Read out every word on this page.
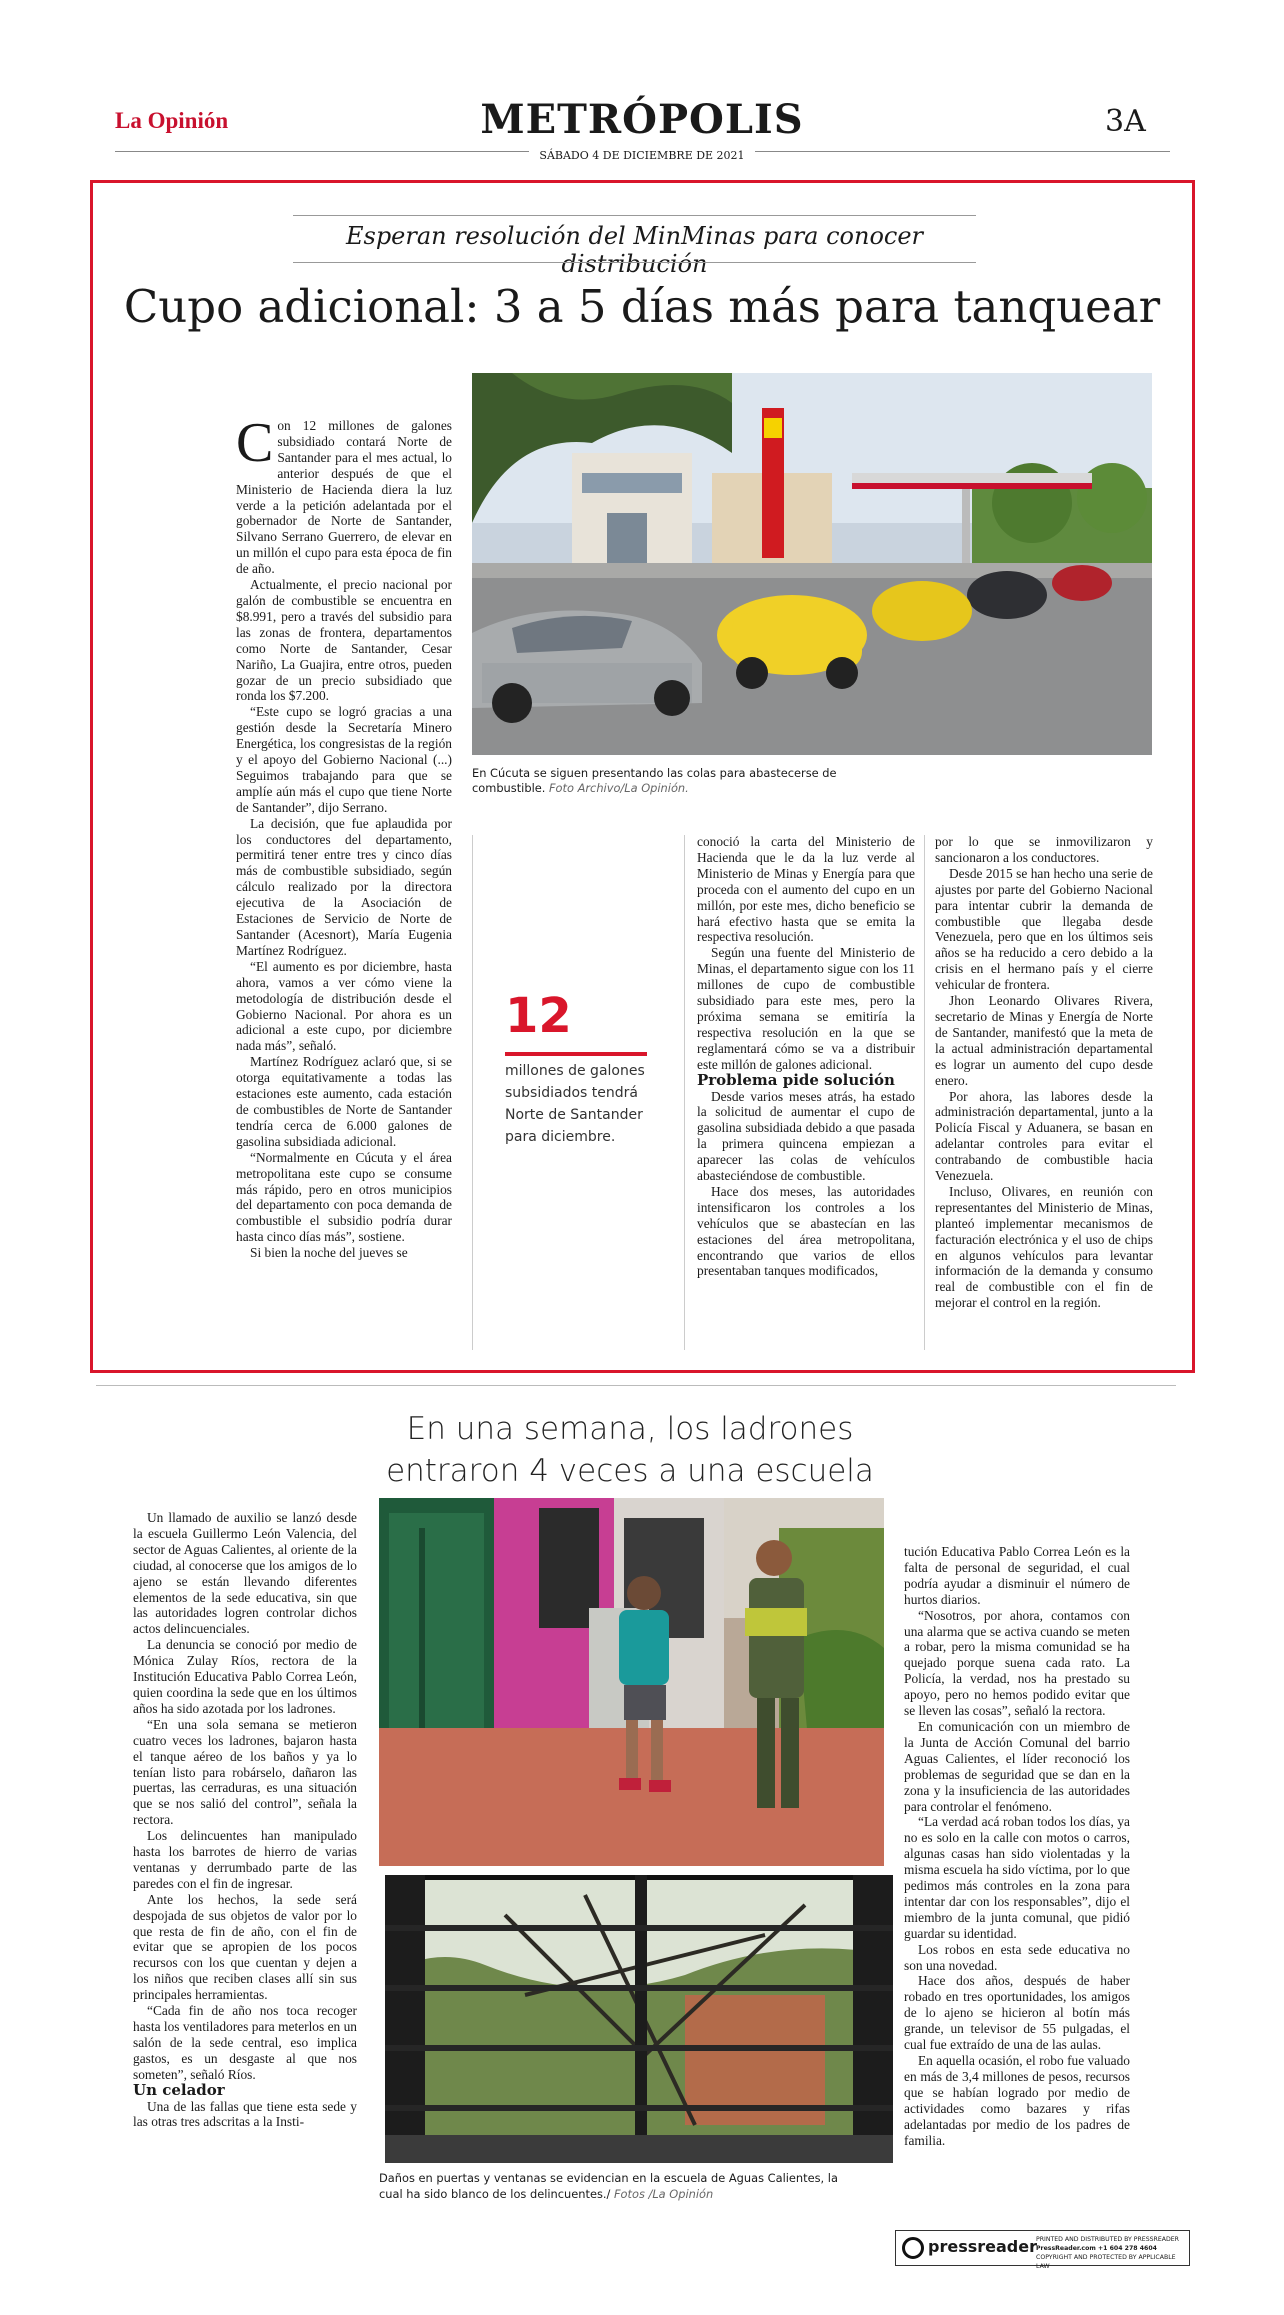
La Opinión	METRÓPOLIS	3A
SÁBADO 4 DE DICIEMBRE DE 2021
Esperan resolución del MinMinas para conocer distribución
Cupo adicional: 3 a 5 días más para tanquear

Con 12 millones de galones subsidiado contará Norte de Santander para el mes actual, lo anterior después de que el Ministerio de Hacienda diera la luz verde a la petición adelantada por el gobernador de Norte de Santander, Silvano Serrano Guerrero, de elevar en un millón el cupo para esta época de fin de año.

Actualmente, el precio nacional por galón de combustible se encuentra en $8.991, pero a través del subsidio para las zonas de frontera, departamentos como Norte de Santander, Cesar Nariño, La Guajira, entre otros, pueden gozar de un precio subsidiado que ronda los $7.200.

“Este cupo se logró gracias a una gestión desde la Secretaría Minero Energética, los congresistas de la región y el apoyo del Gobierno Nacional (...) Seguimos trabajando para que se amplíe aún más el cupo que tiene Norte de Santander”, dijo Serrano.

La decisión, que fue aplaudida por los conductores del departamento, permitirá tener entre tres y cinco días más de combustible subsidiado, según cálculo realizado por la directora ejecutiva de la Asociación de Estaciones de Servicio de Norte de Santander (Acesnort), María Eugenia Martínez Rodríguez.

“El aumento es por diciembre, hasta ahora, vamos a ver cómo viene la metodología de distribución desde el Gobierno Nacional. Por ahora es un adicional a este cupo, por diciembre nada más”, señaló.

Martínez Rodríguez aclaró que, si se otorga equitativamente a todas las estaciones este aumento, cada estación de combustibles de Norte de Santander tendría cerca de 6.000 galones de gasolina subsidiada adicional.

“Normalmente en Cúcuta y el área metropolitana este cupo se consume más rápido, pero en otros municipios del departamento con poca demanda de combustible el subsidio podría durar hasta cinco días más”, sostiene.

Si bien la noche del jueves se

En Cúcuta se siguen presentando las colas para abastecerse de combustible. Foto Archivo/La Opinión.
12
millones de galones subsidiados tendrá Norte de Santander para diciembre.

conoció la carta del Ministerio de Hacienda que le da la luz verde al Ministerio de Minas y Energía para que proceda con el aumento del cupo en un millón, por este mes, dicho beneficio se hará efectivo hasta que se emita la respectiva resolución.

Según una fuente del Ministerio de Minas, el departamento sigue con los 11 millones de cupo de combustible subsidiado para este mes, pero la próxima semana se emitiría la respectiva resolución en la que se reglamentará cómo se va a distribuir este millón de galones adicional.

Problema pide solución

Desde varios meses atrás, ha estado la solicitud de aumentar el cupo de gasolina subsidiada debido a que pasada la primera quincena empiezan a aparecer las colas de vehículos abasteciéndose de combustible.

Hace dos meses, las autoridades intensificaron los controles a los vehículos que se abastecían en las estaciones del área metropolitana, encontrando que varios de ellos presentaban tanques modificados,

por lo que se inmovilizaron y sancionaron a los conductores.

Desde 2015 se han hecho una serie de ajustes por parte del Gobierno Nacional para intentar cubrir la demanda de combustible que llegaba desde Venezuela, pero que en los últimos seis años se ha reducido a cero debido a la crisis en el hermano país y el cierre vehicular de frontera.

Jhon Leonardo Olivares Rivera, secretario de Minas y Energía de Norte de Santander, manifestó que la meta de la actual administración departamental es lograr un aumento del cupo desde enero.

Por ahora, las labores desde la administración departamental, junto a la Policía Fiscal y Aduanera, se basan en adelantar controles para evitar el contrabando de combustible hacia Venezuela.

Incluso, Olivares, en reunión con representantes del Ministerio de Minas, planteó implementar mecanismos de facturación electrónica y el uso de chips en algunos vehículos para levantar información de la demanda y consumo real de combustible con el fin de mejorar el control en la región.

En una semana, los ladrones
entraron 4 veces a una escuela

Un llamado de auxilio se lanzó desde la escuela Guillermo León Valencia, del sector de Aguas Calientes, al oriente de la ciudad, al conocerse que los amigos de lo ajeno se están llevando diferentes elementos de la sede educativa, sin que las autoridades logren controlar dichos actos delincuenciales.

La denuncia se conoció por medio de Mónica Zulay Ríos, rectora de la Institución Educativa Pablo Correa León, quien coordina la sede que en los últimos años ha sido azotada por los ladrones.

“En una sola semana se metieron cuatro veces los ladrones, bajaron hasta el tanque aéreo de los baños y ya lo tenían listo para robárselo, dañaron las puertas, las cerraduras, es una situación que se nos salió del control”, señala la rectora.

Los delincuentes han manipulado hasta los barrotes de hierro de varias ventanas y derrumbado parte de las paredes con el fin de ingresar.

Ante los hechos, la sede será despojada de sus objetos de valor por lo que resta de fin de año, con el fin de evitar que se apropien de los pocos recursos con los que cuentan y dejen a los niños que reciben clases allí sin sus principales herramientas.

“Cada fin de año nos toca recoger hasta los ventiladores para meterlos en un salón de la sede central, eso implica gastos, es un desgaste al que nos someten”, señaló Ríos.

Un celador

Una de las fallas que tiene esta sede y las otras tres adscritas a la Insti-

Daños en puertas y ventanas se evidencian en la escuela de Aguas Calientes, la cual ha sido blanco de los delincuentes./ Fotos /La Opinión

tución Educativa Pablo Correa León es la falta de personal de seguridad, el cual podría ayudar a disminuir el número de hurtos diarios.

“Nosotros, por ahora, contamos con una alarma que se activa cuando se meten a robar, pero la misma comunidad se ha quejado porque suena cada rato. La Policía, la verdad, nos ha prestado su apoyo, pero no hemos podido evitar que se lleven las cosas”, señaló la rectora.

En comunicación con un miembro de la Junta de Acción Comunal del barrio Aguas Calientes, el líder reconoció los problemas de seguridad que se dan en la zona y la insuficiencia de las autoridades para controlar el fenómeno.

“La verdad acá roban todos los días, ya no es solo en la calle con motos o carros, algunas casas han sido violentadas y la misma escuela ha sido víctima, por lo que pedimos más controles en la zona para intentar dar con los responsables”, dijo el miembro de la junta comunal, que pidió guardar su identidad.

Los robos en esta sede educativa no son una novedad.

Hace dos años, después de haber robado en tres oportunidades, los amigos de lo ajeno se hicieron al botín más grande, un televisor de 55 pulgadas, el cual fue extraído de una de las aulas.

En aquella ocasión, el robo fue valuado en más de 3,4 millones de pesos, recursos que se habían logrado por medio de actividades como bazares y rifas adelantadas por medio de los padres de familia.

pressreader PRINTED AND DISTRIBUTED BY PRESSREADER
PressReader.com +1 604 278 4604
COPYRIGHT AND PROTECTED BY APPLICABLE LAW
